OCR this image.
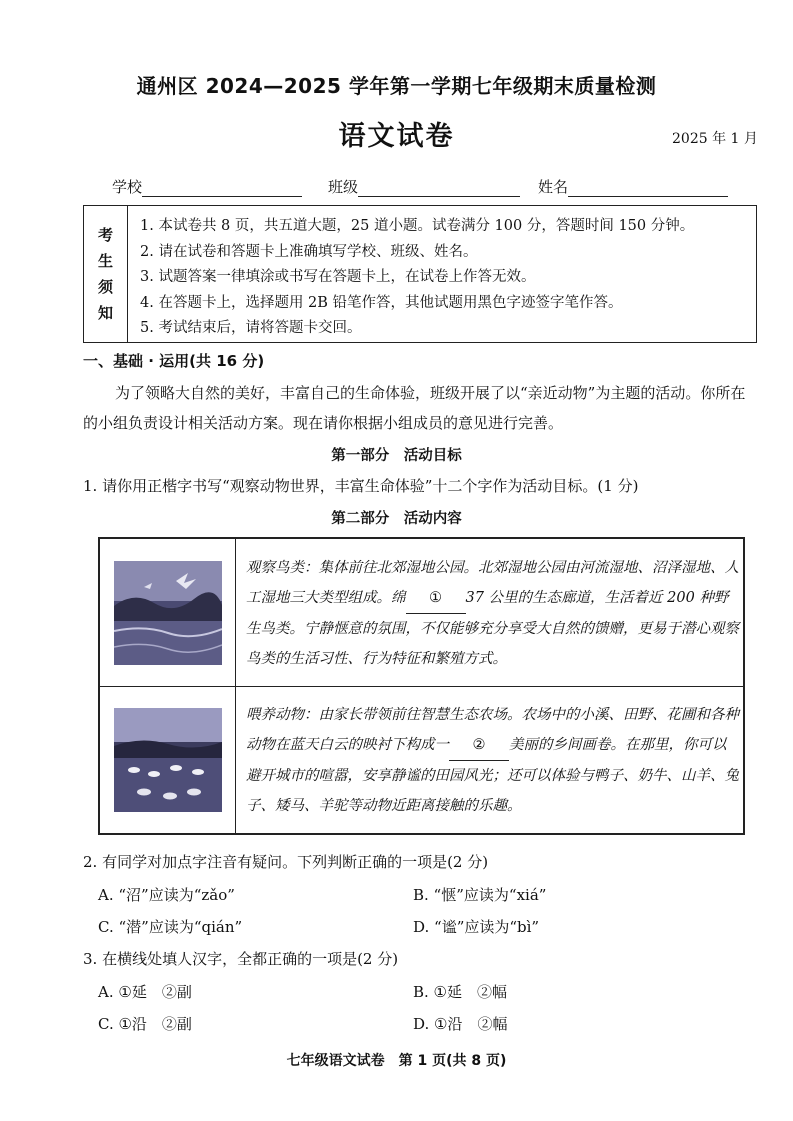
通州区 2024—2025 学年第一学期七年级期末质量检测
语文试卷	2025 年 1 月
学校	班级	姓名
考
生
须
知
1. 本试卷共 8 页，共五道大题，25 道小题。试卷满分 100 分，答题时间 150 分钟。
2. 请在试卷和答题卡上准确填写学校、班级、姓名。
3. 试题答案一律填涂或书写在答题卡上，在试卷上作答无效。
4. 在答题卡上，选择题用 2B 铅笔作答，其他试题用黑色字迹签字笔作答。
5. 考试结束后，请将答题卡交回。
一、基础 · 运用(共 16 分)
为了领略大自然的美好，丰富自己的生命体验，班级开展了以“亲近动物”为主题的活动。你所在的小组负责设计相关活动方案。现在请你根据小组成员的意见进行完善。
第一部分　活动目标
1. 请你用正楷字书写“观察动物世界，丰富生命体验”十二个字作为活动目标。(1 分)
第二部分　活动内容
观察鸟类：集体前往北郊湿地公园。北郊湿地公园由河流湿地、沼泽湿地、人工湿地三大类型组成。绵 ① 37 公里的生态廊道，生活着近 200 种野生鸟类。宁静惬意的氛围，不仅能够充分享受大自然的馈赠，更易于潜心观察鸟类的生活习性、行为特征和繁殖方式。
喂养动物：由家长带领前往智慧生态农场。农场中的小溪、田野、花圃和各种动物在蓝天白云的映衬下构成一 ② 美丽的乡间画卷。在那里，你可以避开城市的喧嚣，安享静谧的田园风光；还可以体验与鸭子、奶牛、山羊、兔子、矮马、羊驼等动物近距离接触的乐趣。
2. 有同学对加点字注音有疑问。下列判断正确的一项是(2 分)
A. “沼”应读为“zǎo”	B. “惬”应读为“xiá”
C. “潜”应读为“qián”	D. “谧”应读为“bì”
3. 在横线处填人汉字，全都正确的一项是(2 分)
A. ①延　②副	B. ①延　②幅
C. ①沿　②副	D. ①沿　②幅
七年级语文试卷　第 1 页(共 8 页)
